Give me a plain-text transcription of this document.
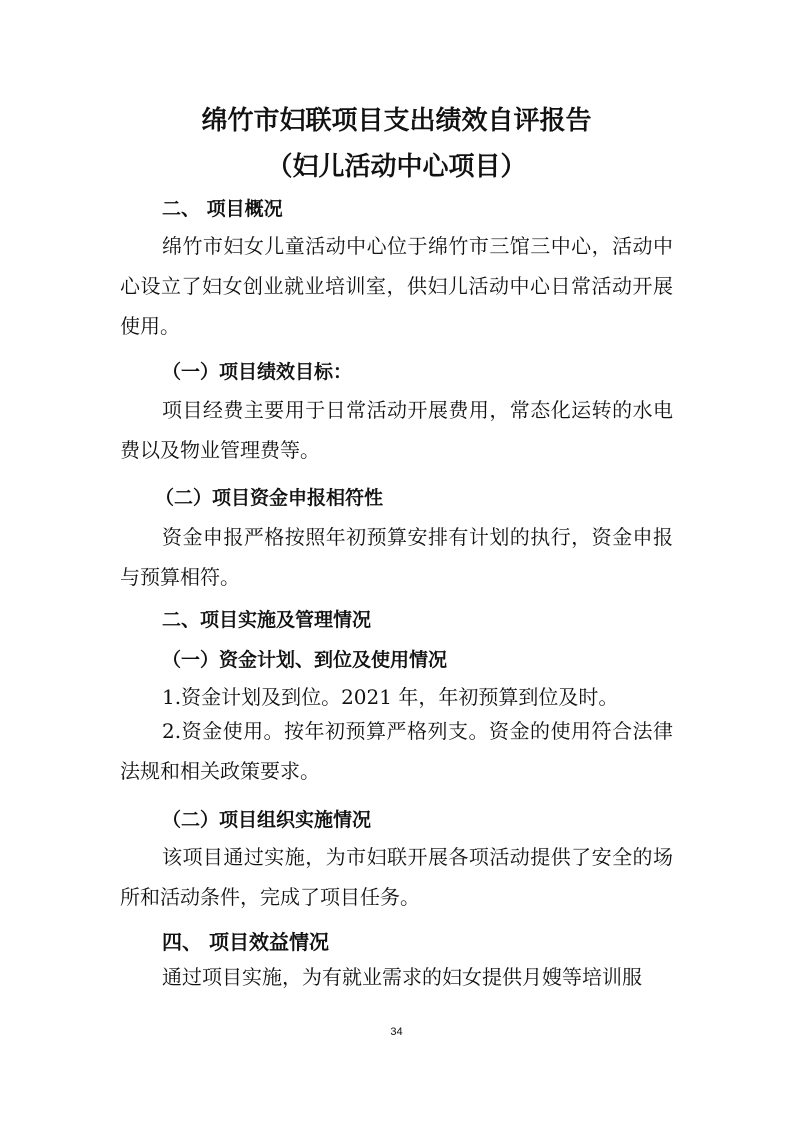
绵竹市妇联项目支出绩效自评报告
（妇儿活动中心项目）
二、 项目概况
绵竹市妇女儿童活动中心位于绵竹市三馆三中心，活动中心设立了妇女创业就业培训室，供妇儿活动中心日常活动开展使用。
（一）项目绩效目标：
项目经费主要用于日常活动开展费用，常态化运转的水电费以及物业管理费等。
（二）项目资金申报相符性
资金申报严格按照年初预算安排有计划的执行，资金申报与预算相符。
二、项目实施及管理情况
（一）资金计划、到位及使用情况
1.资金计划及到位。2021 年，年初预算到位及时。
2.资金使用。按年初预算严格列支。资金的使用符合法律法规和相关政策要求。
（二）项目组织实施情况
该项目通过实施，为市妇联开展各项活动提供了安全的场所和活动条件，完成了项目任务。
四、 项目效益情况
通过项目实施，为有就业需求的妇女提供月嫂等培训服
34
